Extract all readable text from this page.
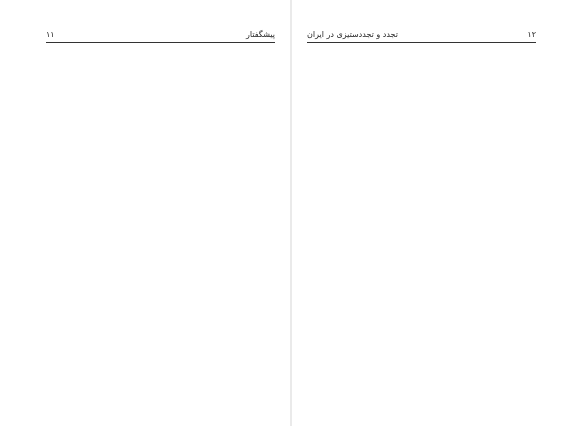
پیشگفتار
١١	١٢
تجدد و تجددستیزی در ایران
